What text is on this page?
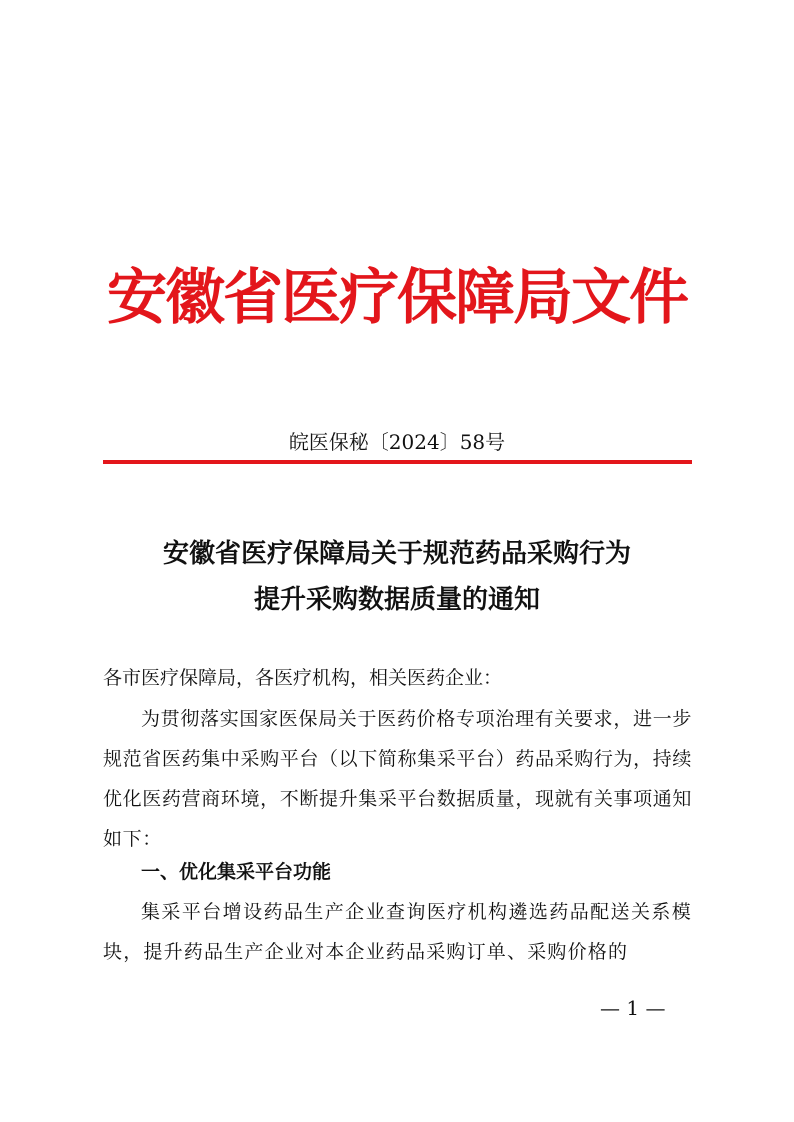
安徽省医疗保障局文件
皖医保秘〔2024〕58号
安徽省医疗保障局关于规范药品采购行为
提升采购数据质量的通知
各市医疗保障局，各医疗机构，相关医药企业：
为贯彻落实国家医保局关于医药价格专项治理有关要求，进一步规范省医药集中采购平台（以下简称集采平台）药品采购行为，持续优化医药营商环境，不断提升集采平台数据质量，现就有关事项通知如下：
一、优化集采平台功能
集采平台增设药品生产企业查询医疗机构遴选药品配送关系模块，提升药品生产企业对本企业药品采购订单、采购价格的
— 1 —
